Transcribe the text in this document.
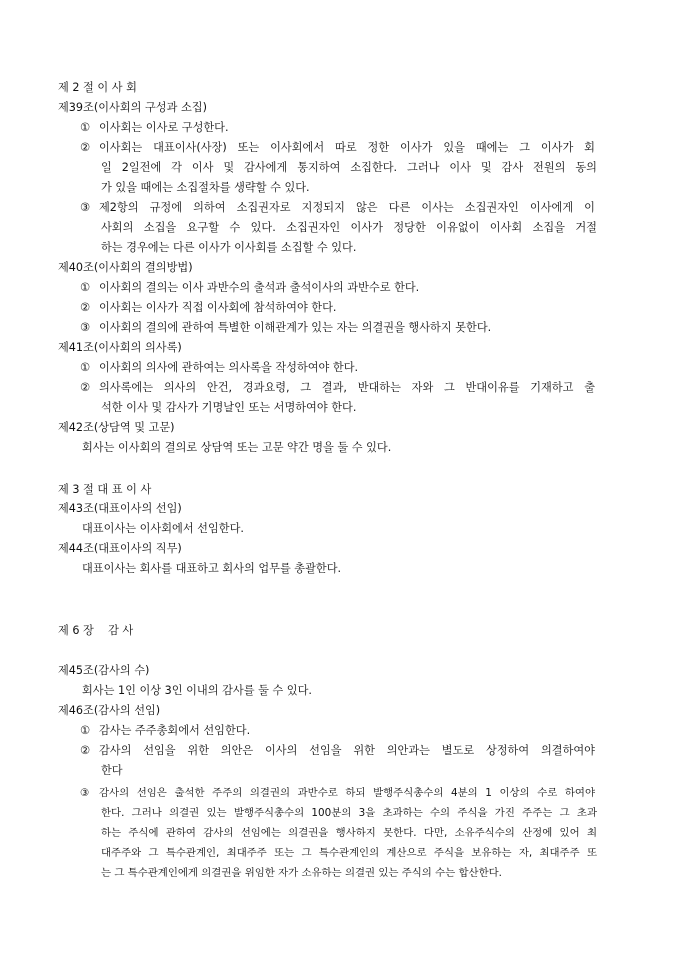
제 2 절 이 사 회
제39조(이사회의 구성과 소집)
① 이사회는 이사로 구성한다.
② 이사회는 대표이사(사장) 또는 이사회에서 따로 정한 이사가 있을 때에는 그 이사가 회
일 2일전에 각 이사 및 감사에게 통지하여 소집한다. 그러나 이사 및 감사 전원의 동의
가 있을 때에는 소집절차를 생략할 수 있다.
③ 제2항의 규정에 의하여 소집권자로 지정되지 않은 다른 이사는 소집권자인 이사에게 이
사회의 소집을 요구할 수 있다. 소집권자인 이사가 정당한 이유없이 이사회 소집을 거절
하는 경우에는 다른 이사가 이사회를 소집할 수 있다.
제40조(이사회의 결의방법)
① 이사회의 결의는 이사 과반수의 출석과 출석이사의 과반수로 한다.
② 이사회는 이사가 직접 이사회에 참석하여야 한다.
③ 이사회의 결의에 관하여 특별한 이해관계가 있는 자는 의결권을 행사하지 못한다.
제41조(이사회의 의사록)
① 이사회의 의사에 관하여는 의사록을 작성하여야 한다.
② 의사록에는 의사의 안건, 경과요령, 그 결과, 반대하는 자와 그 반대이유를 기재하고 출
석한 이사 및 감사가 기명날인 또는 서명하여야 한다.
제42조(상담역 및 고문)
회사는 이사회의 결의로 상담역 또는 고문 약간 명을 둘 수 있다.
제 3 절 대 표 이 사
제43조(대표이사의 선임)
대표이사는 이사회에서 선임한다.
제44조(대표이사의 직무)
대표이사는 회사를 대표하고 회사의 업무를 총괄한다.
제 6 장    감 사
제45조(감사의 수)
회사는 1인 이상 3인 이내의 감사를 둘 수 있다.
제46조(감사의 선임)
① 감사는 주주총회에서 선임한다.
② 감사의 선임을 위한 의안은 이사의 선임을 위한 의안과는 별도로 상정하여 의결하여야
한다
③ 감사의 선임은 출석한 주주의 의결권의 과반수로 하되 발행주식총수의 4분의 1 이상의 수로 하여야
한다. 그러나 의결권 있는 발행주식총수의 100분의 3을 초과하는 수의 주식을 가진 주주는 그 초과
하는 주식에 관하여 감사의 선임에는 의결권을 행사하지 못한다. 다만, 소유주식수의 산정에 있어 최
대주주와 그 특수관계인, 최대주주 또는 그 특수관계인의 계산으로 주식을 보유하는 자, 최대주주 또
는 그 특수관계인에게 의결권을 위임한 자가 소유하는 의결권 있는 주식의 수는 합산한다.
